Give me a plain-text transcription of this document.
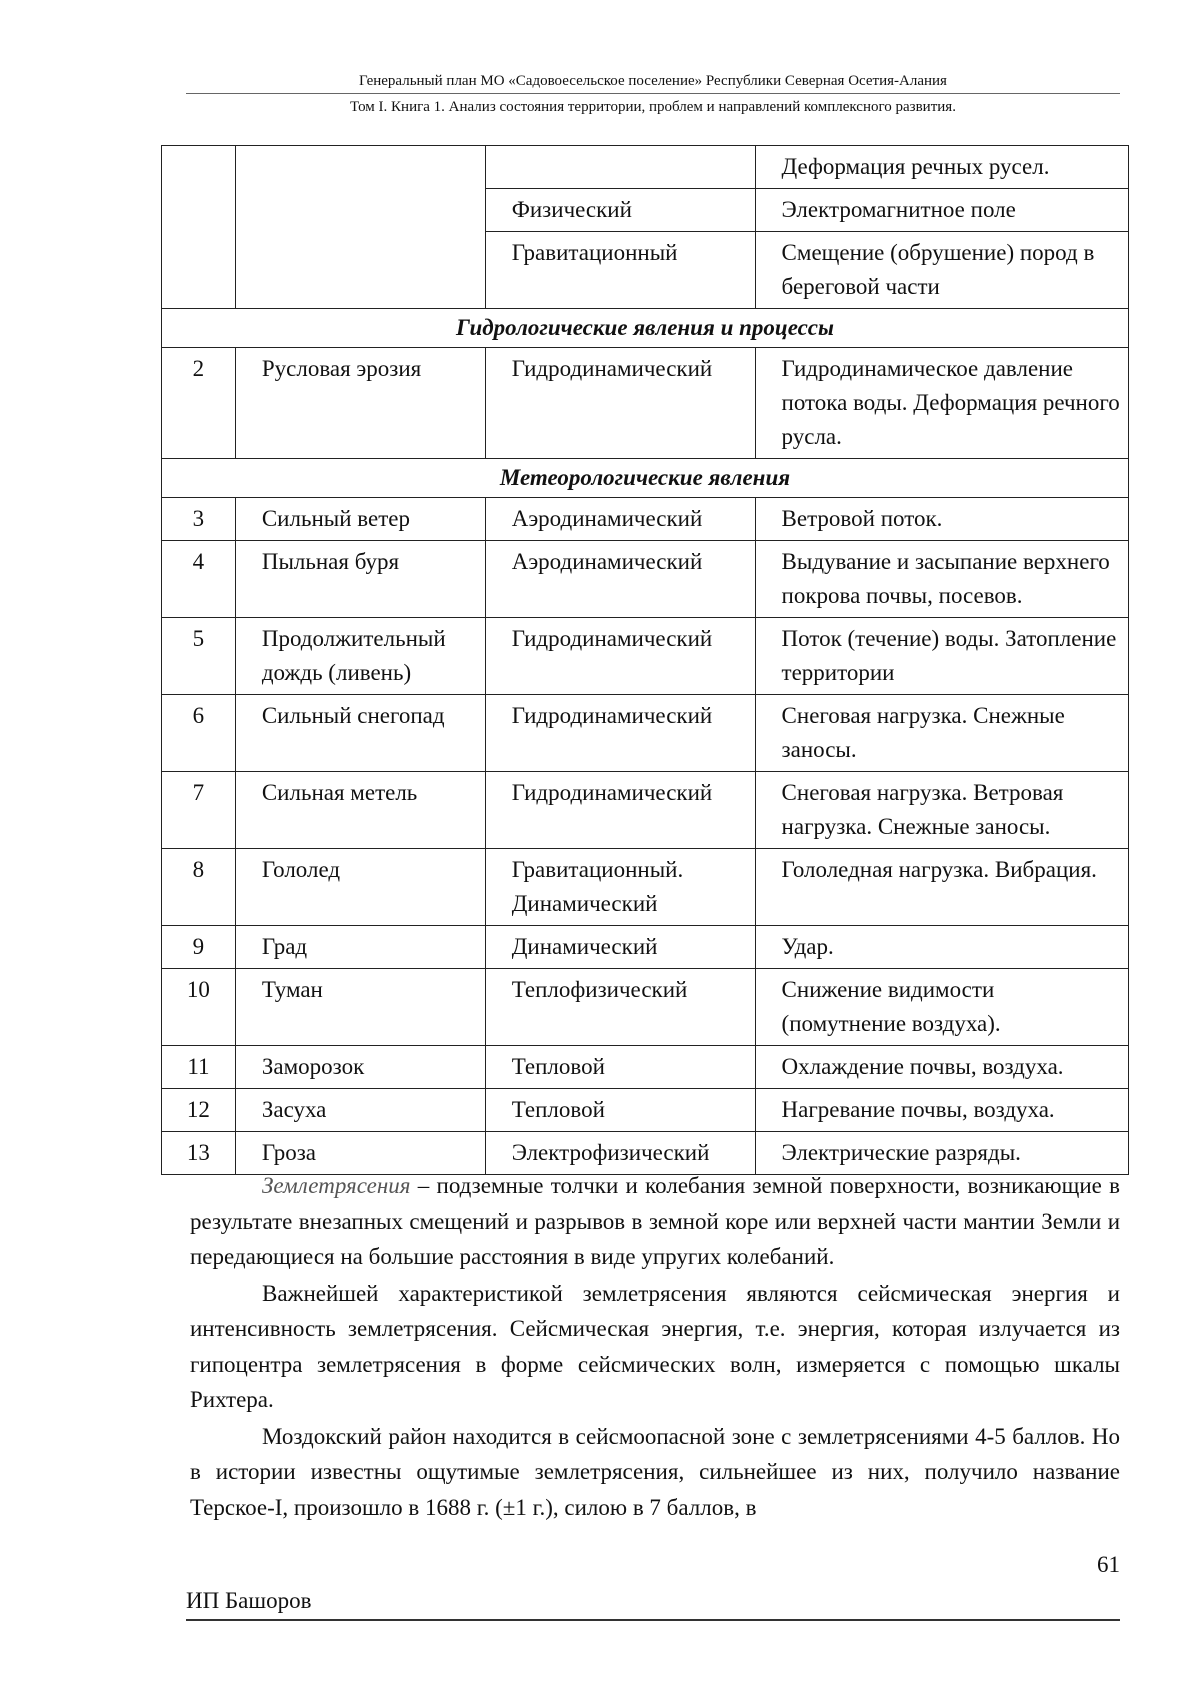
Генеральный план МО «Садовоесельское поселение» Республики Северная Осетия-Алания
Том I. Книга 1. Анализ состояния территории, проблем и направлений комплексного развития.
			Деформация речных русел.
		Физический	Электромагнитное поле
		Гравитационный	Смещение (обрушение) пород в береговой части
Гидрологические явления и процессы			
2	Русловая эрозия	Гидродинамический	Гидродинамическое давление потока воды. Деформация речного русла.
Метеорологические явления			
3	Сильный ветер	Аэродинамический	Ветровой поток.
4	Пыльная буря	Аэродинамический	Выдувание и засыпание верхнего покрова почвы, посевов.
5	Продолжительный дождь (ливень)	Гидродинамический	Поток (течение) воды. Затопление территории
6	Сильный снегопад	Гидродинамический	Снеговая нагрузка. Снежные заносы.
7	Сильная метель	Гидродинамический	Снеговая нагрузка. Ветровая нагрузка. Снежные заносы.
8	Гололед	Гравитационный. Динамический	Гололедная нагрузка. Вибрация.
9	Град	Динамический	Удар.
10	Туман	Теплофизический	Снижение видимости (помутнение воздуха).
11	Заморозок	Тепловой	Охлаждение почвы, воздуха.
12	Засуха	Тепловой	Нагревание почвы, воздуха.
13	Гроза	Электрофизический	Электрические разряды.

Землетрясения – подземные толчки и колебания земной поверхности, возникающие в результате внезапных смещений и разрывов в земной коре или верхней части мантии Земли и передающиеся на большие расстояния в виде упругих колебаний.

Важнейшей характеристикой землетрясения являются сейсмическая энергия и интенсивность землетрясения. Сейсмическая энергия, т.е. энергия, которая излучается из гипоцентра землетрясения в форме сейсмических волн, измеряется с помощью шкалы Рихтера.

Моздокский район находится в сейсмоопасной зоне с землетрясениями 4-5 баллов. Но в истории известны ощутимые землетрясения, сильнейшее из них, получило название Терское-I, произошло в 1688 г. (±1 г.), силою в 7 баллов, в

61
ИП Башоров
